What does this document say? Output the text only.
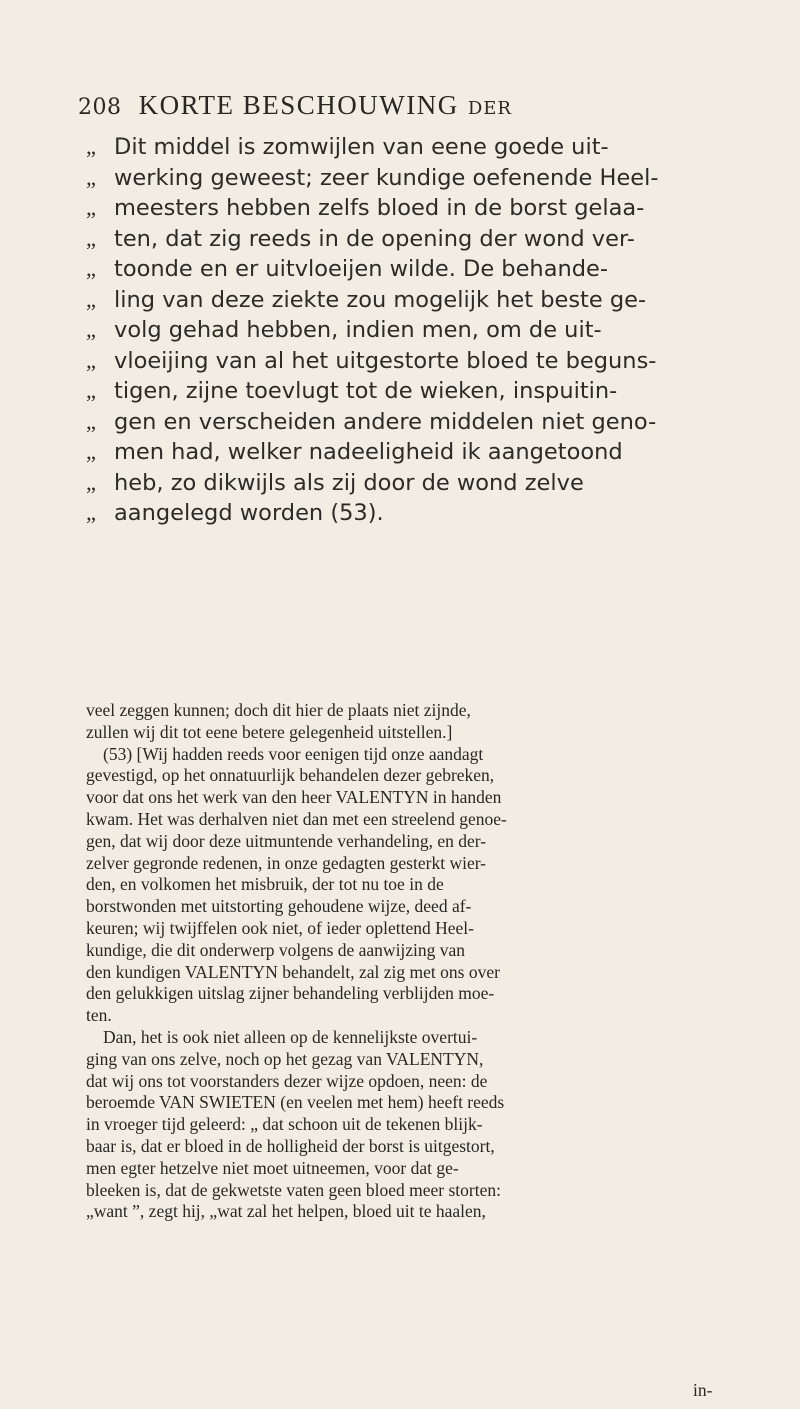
208 KORTE BESCHOUWING DER
„ Dit middel is zomwijlen van eene goede uit-
„ werking geweest; zeer kundige oefenende Heel-
„ meesters hebben zelfs bloed in de borst gelaa-
„ ten, dat zig reeds in de opening der wond ver-
„ toonde en er uitvloeijen wilde. De behande-
„ ling van deze ziekte zou mogelijk het beste ge-
„ volg gehad hebben, indien men, om de uit-
„ vloeijing van al het uitgestorte bloed te beguns-
„ tigen, zijne toevlugt tot de wieken, inspuitin-
„ gen en verscheiden andere middelen niet geno-
„ men had, welker nadeeligheid ik aangetoond
„ heb, zo dikwijls als zij door de wond zelve
„ aangelegd worden (53).
veel zeggen kunnen; doch dit hier de plaats niet zijnde,
zullen wij dit tot eene betere gelegenheid uitstellen.]
(53) [Wij hadden reeds voor eenigen tijd onze aandagt
gevestigd, op het onnatuurlijk behandelen dezer gebreken,
voor dat ons het werk van den heer VALENTYN in handen
kwam. Het was derhalven niet dan met een streelend genoe-
gen, dat wij door deze uitmuntende verhandeling, en der-
zelver gegronde redenen, in onze gedagten gesterkt wier-
den, en volkomen het misbruik, der tot nu toe in de
borstwonden met uitstorting gehoudene wijze, deed af-
keuren; wij twijffelen ook niet, of ieder oplettend Heel-
kundige, die dit onderwerp volgens de aanwijzing van
den kundigen VALENTYN behandelt, zal zig met ons over
den gelukkigen uitslag zijner behandeling verblijden moe-
ten.
Dan, het is ook niet alleen op de kennelijkste overtui-
ging van ons zelve, noch op het gezag van VALENTYN,
dat wij ons tot voorstanders dezer wijze opdoen, neen: de
beroemde VAN SWIETEN (en veelen met hem) heeft reeds
in vroeger tijd geleerd: „ dat schoon uit de tekenen blijk-
baar is, dat er bloed in de holligheid der borst is uitgestort,
men egter hetzelve niet moet uitneemen, voor dat ge-
bleeken is, dat de gekwetste vaten geen bloed meer storten:
„want ”, zegt hij, „wat zal het helpen, bloed uit te haalen,
in-
